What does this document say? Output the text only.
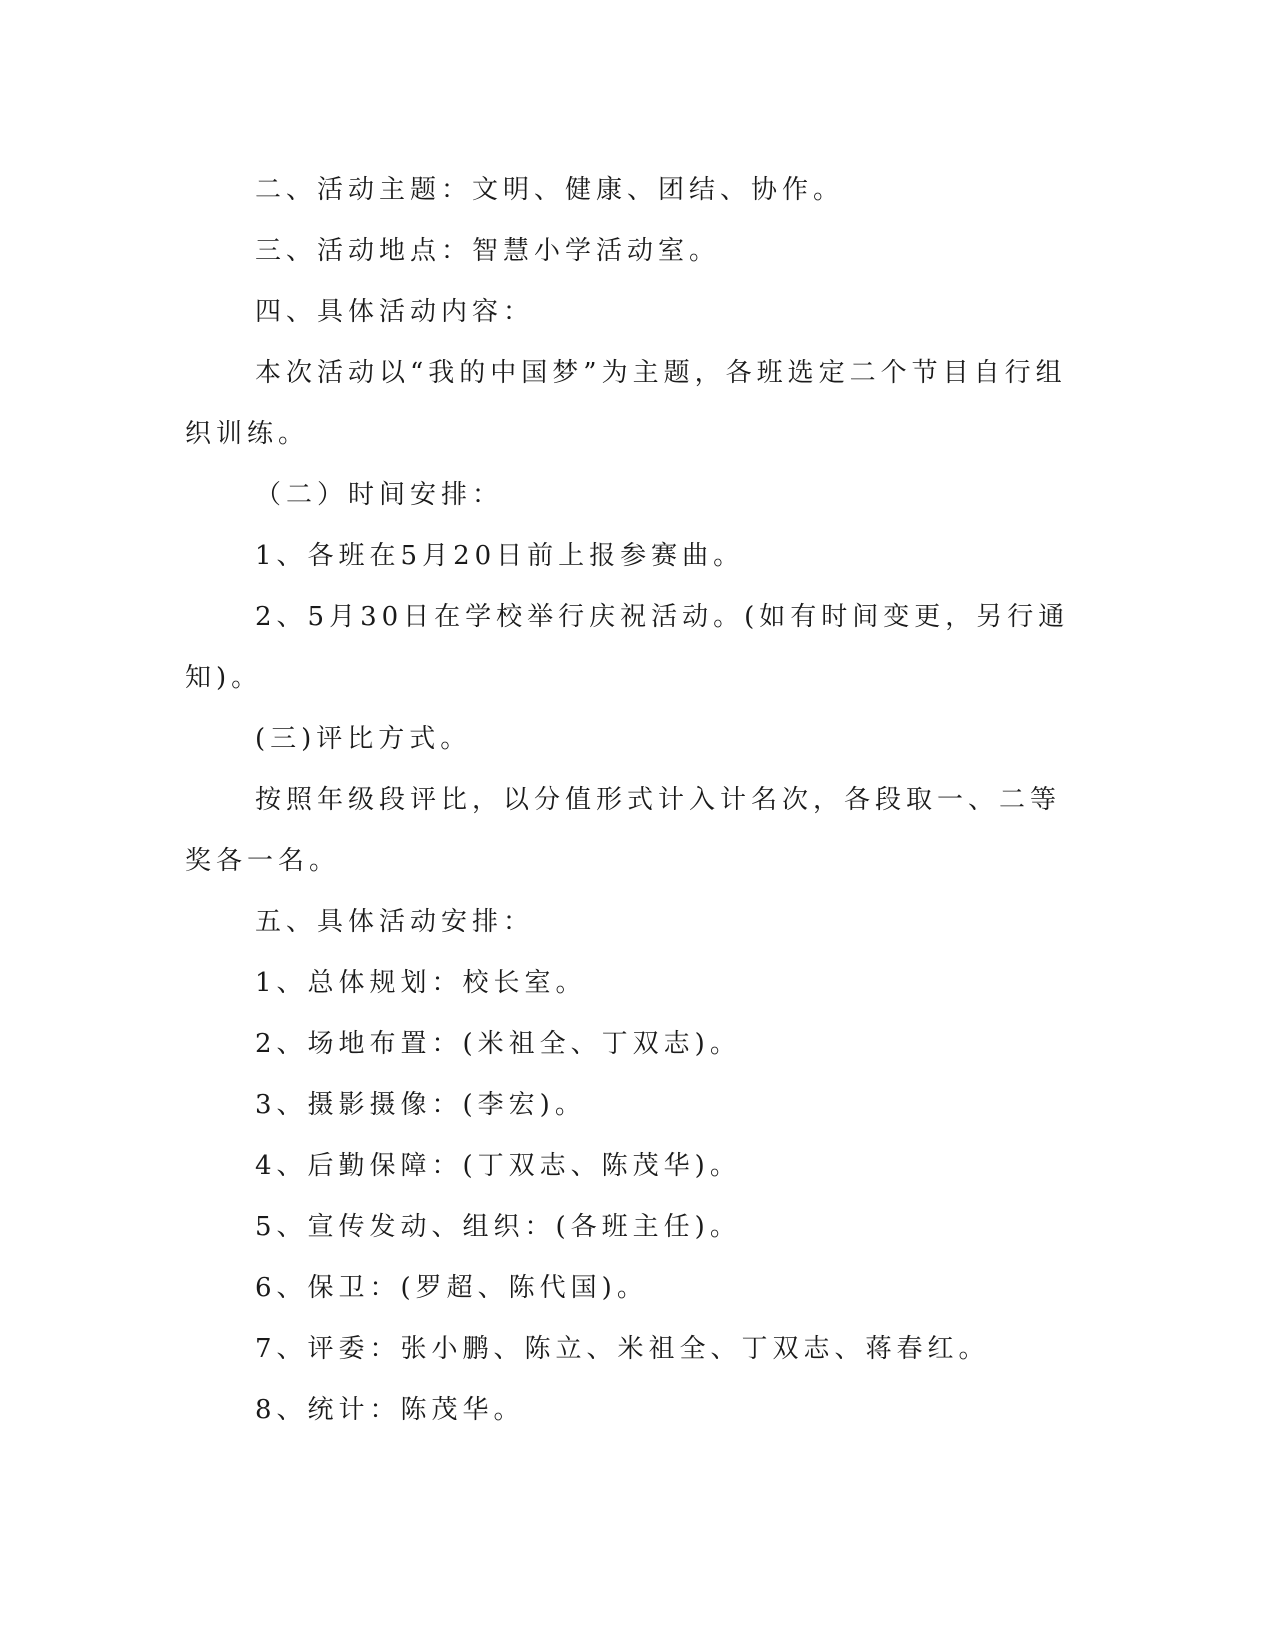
二、活动主题：文明、健康、团结、协作。

三、活动地点：智慧小学活动室。

四、具体活动内容：

本次活动以“我的中国梦”为主题，各班选定二个节目自行组织训练。

（二）时间安排：

1、各班在5月20日前上报参赛曲。

2、5月30日在学校举行庆祝活动。(如有时间变更，另行通知)。

(三)评比方式。

按照年级段评比，以分值形式计入计名次，各段取一、二等奖各一名。

五、具体活动安排：

1、总体规划：校长室。

2、场地布置：(米祖全、丁双志)。

3、摄影摄像：(李宏)。

4、后勤保障：(丁双志、陈茂华)。

5、宣传发动、组织：(各班主任)。

6、保卫：(罗超、陈代国)。

7、评委：张小鹏、陈立、米祖全、丁双志、蒋春红。

8、统计：陈茂华。
